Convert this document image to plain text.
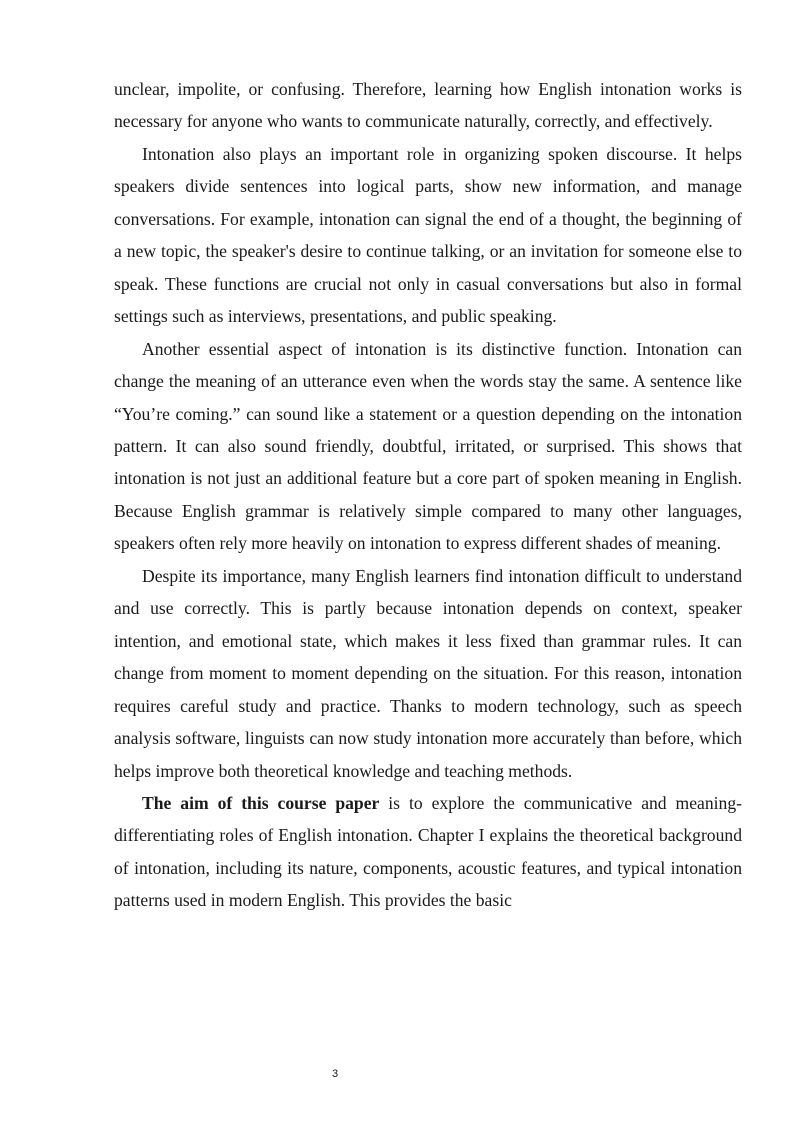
unclear, impolite, or confusing. Therefore, learning how English intonation works is necessary for anyone who wants to communicate naturally, correctly, and effectively.

Intonation also plays an important role in organizing spoken discourse. It helps speakers divide sentences into logical parts, show new information, and manage conversations. For example, intonation can signal the end of a thought, the beginning of a new topic, the speaker's desire to continue talking, or an invitation for someone else to speak. These functions are crucial not only in casual conversations but also in formal settings such as interviews, presentations, and public speaking.

Another essential aspect of intonation is its distinctive function. Intonation can change the meaning of an utterance even when the words stay the same. A sentence like “You’re coming.” can sound like a statement or a question depending on the intonation pattern. It can also sound friendly, doubtful, irritated, or surprised. This shows that intonation is not just an additional feature but a core part of spoken meaning in English. Because English grammar is relatively simple compared to many other languages, speakers often rely more heavily on intonation to express different shades of meaning.

Despite its importance, many English learners find intonation difficult to understand and use correctly. This is partly because intonation depends on context, speaker intention, and emotional state, which makes it less fixed than grammar rules. It can change from moment to moment depending on the situation. For this reason, intonation requires careful study and practice. Thanks to modern technology, such as speech analysis software, linguists can now study intonation more accurately than before, which helps improve both theoretical knowledge and teaching methods.

The aim of this course paper is to explore the communicative and meaning-differentiating roles of English intonation. Chapter I explains the theoretical background of intonation, including its nature, components, acoustic features, and typical intonation patterns used in modern English. This provides the basic

3
